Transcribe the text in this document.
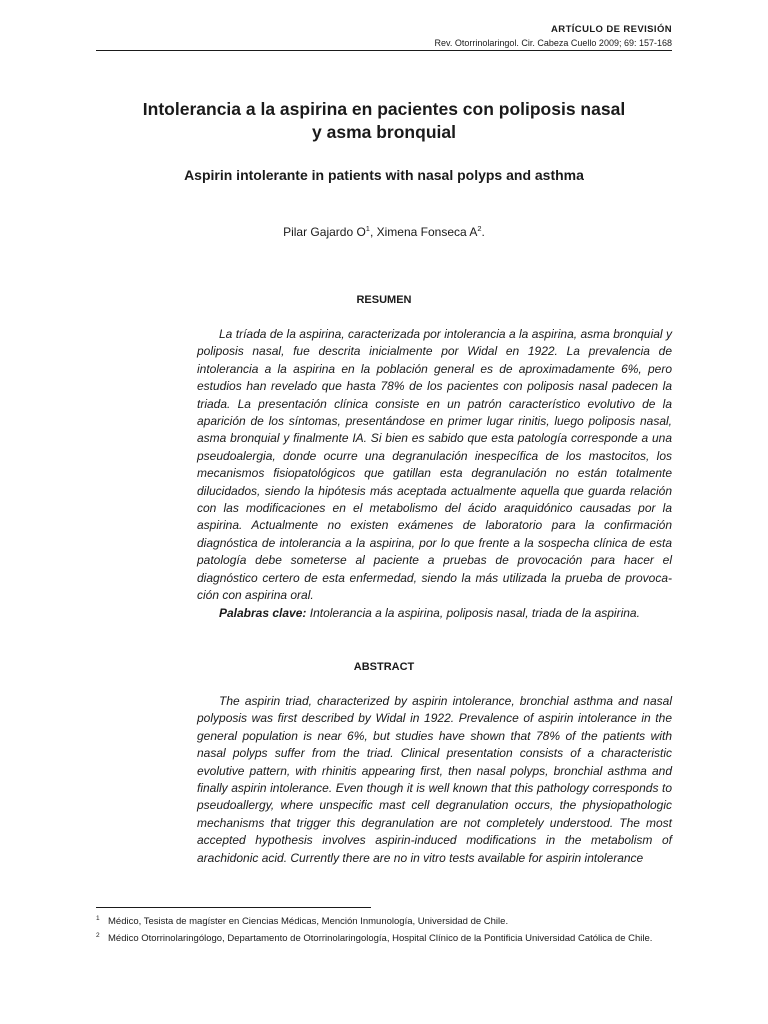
ARTÍCULO DE REVISIÓN
Rev. Otorrinolaringol. Cir. Cabeza Cuello 2009; 69: 157-168
Intolerancia a la aspirina en pacientes con poliposis nasal
y asma bronquial
Aspirin intolerante in patients with nasal polyps and asthma
Pilar Gajardo $O^1$, Ximena Fonseca $A^2$.
RESUMEN

La tríada de la aspirina, caracterizada por intolerancia a la aspirina, asma bronquial y poliposis nasal, fue descrita inicialmente por Widal en 1922. La prevalencia de intolerancia a la aspirina en la población general es de aproximadamente 6%, pero estudios han revelado que hasta 78% de los pacientes con poliposis nasal padecen la triada. La presentación clínica consiste en un patrón característico evolutivo de la aparición de los síntomas, presentándose en primer lugar rinitis, luego poliposis nasal, asma bronquial y finalmente IA. Si bien es sabido que esta patología corresponde a una pseudoalergia, donde ocurre una degranulación inespecífica de los mastocitos, los mecanismos fisiopatológicos que gatillan esta degranulación no están totalmente dilucidados, siendo la hipótesis más aceptada actualmente aquella que guarda relación con las modificaciones en el metabolismo del ácido araquidónico causadas por la aspirina. Actualmente no existen exámenes de laboratorio para la confirmación diagnóstica de intolerancia a la aspirina, por lo que frente a la sospecha clínica de esta patología debe someterse al paciente a pruebas de provocación para hacer el diagnóstico certero de esta enfermedad, siendo la más utilizada la prueba de provoca-ción con aspirina oral.

Palabras clave: Intolerancia a la aspirina, poliposis nasal, triada de la aspirina.

ABSTRACT

The aspirin triad, characterized by aspirin intolerance, bronchial asthma and nasal polyposis was first described by Widal in 1922. Prevalence of aspirin intolerance in the general population is near 6%, but studies have shown that 78% of the patients with nasal polyps suffer from the triad. Clinical presentation consists of a characteristic evolutive pattern, with rhinitis appearing first, then nasal polyps, bronchial asthma and finally aspirin intolerance. Even though it is well known that this pathology corresponds to pseudoallergy, where unspecific mast cell degranulation occurs, the physiopathologic mechanisms that trigger this degranulation are not completely understood. The most accepted hypothesis involves aspirin-induced modifications in the metabolism of arachidonic acid. Currently there are no in vitro tests available for aspirin intolerance

1 Médico, Tesista de magíster en Ciencias Médicas, Mención Inmunología, Universidad de Chile.
2 Médico Otorrinolaringólogo, Departamento de Otorrinolaringología, Hospital Clínico de la Pontificia Universidad Católica de Chile.
